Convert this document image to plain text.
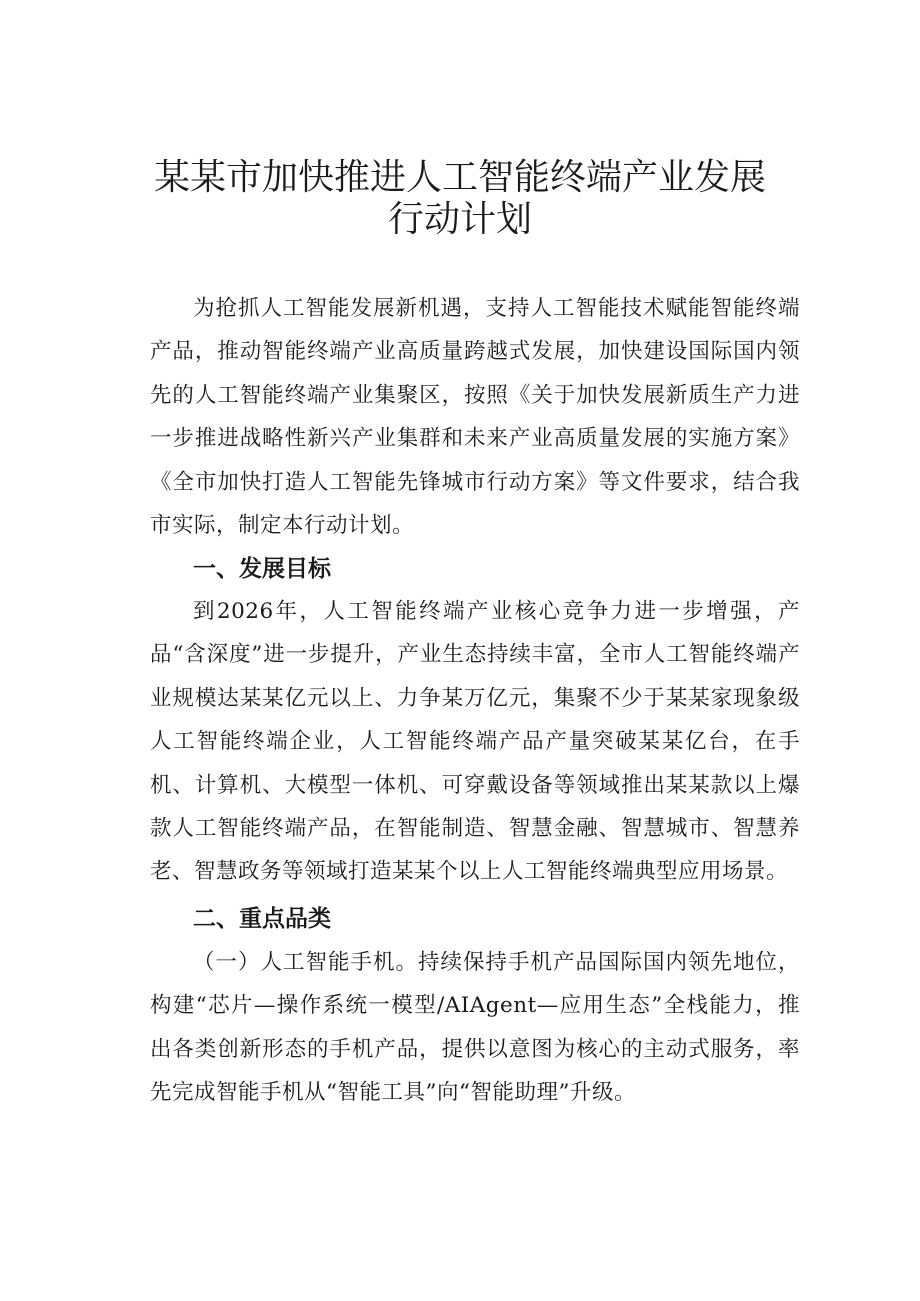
某某市加快推进人工智能终端产业发展
行动计划

为抢抓人工智能发展新机遇，支持人工智能技术赋能智能终端产品，推动智能终端产业高质量跨越式发展，加快建设国际国内领先的人工智能终端产业集聚区，按照《关于加快发展新质生产力进一步推进战略性新兴产业集群和未来产业高质量发展的实施方案》《全市加快打造人工智能先锋城市行动方案》等文件要求，结合我市实际，制定本行动计划。

一、发展目标

到2026年，人工智能终端产业核心竞争力进一步增强，产品“含深度”进一步提升，产业生态持续丰富，全市人工智能终端产业规模达某某亿元以上、力争某万亿元，集聚不少于某某家现象级人工智能终端企业，人工智能终端产品产量突破某某亿台，在手机、计算机、大模型一体机、可穿戴设备等领域推出某某款以上爆款人工智能终端产品，在智能制造、智慧金融、智慧城市、智慧养老、智慧政务等领域打造某某个以上人工智能终端典型应用场景。

二、重点品类

（一）人工智能手机。持续保持手机产品国际国内领先地位，构建“芯片—操作系统一模型/AIAgent—应用生态”全栈能力，推出各类创新形态的手机产品，提供以意图为核心的主动式服务，率先完成智能手机从“智能工具”向“智能助理”升级。
